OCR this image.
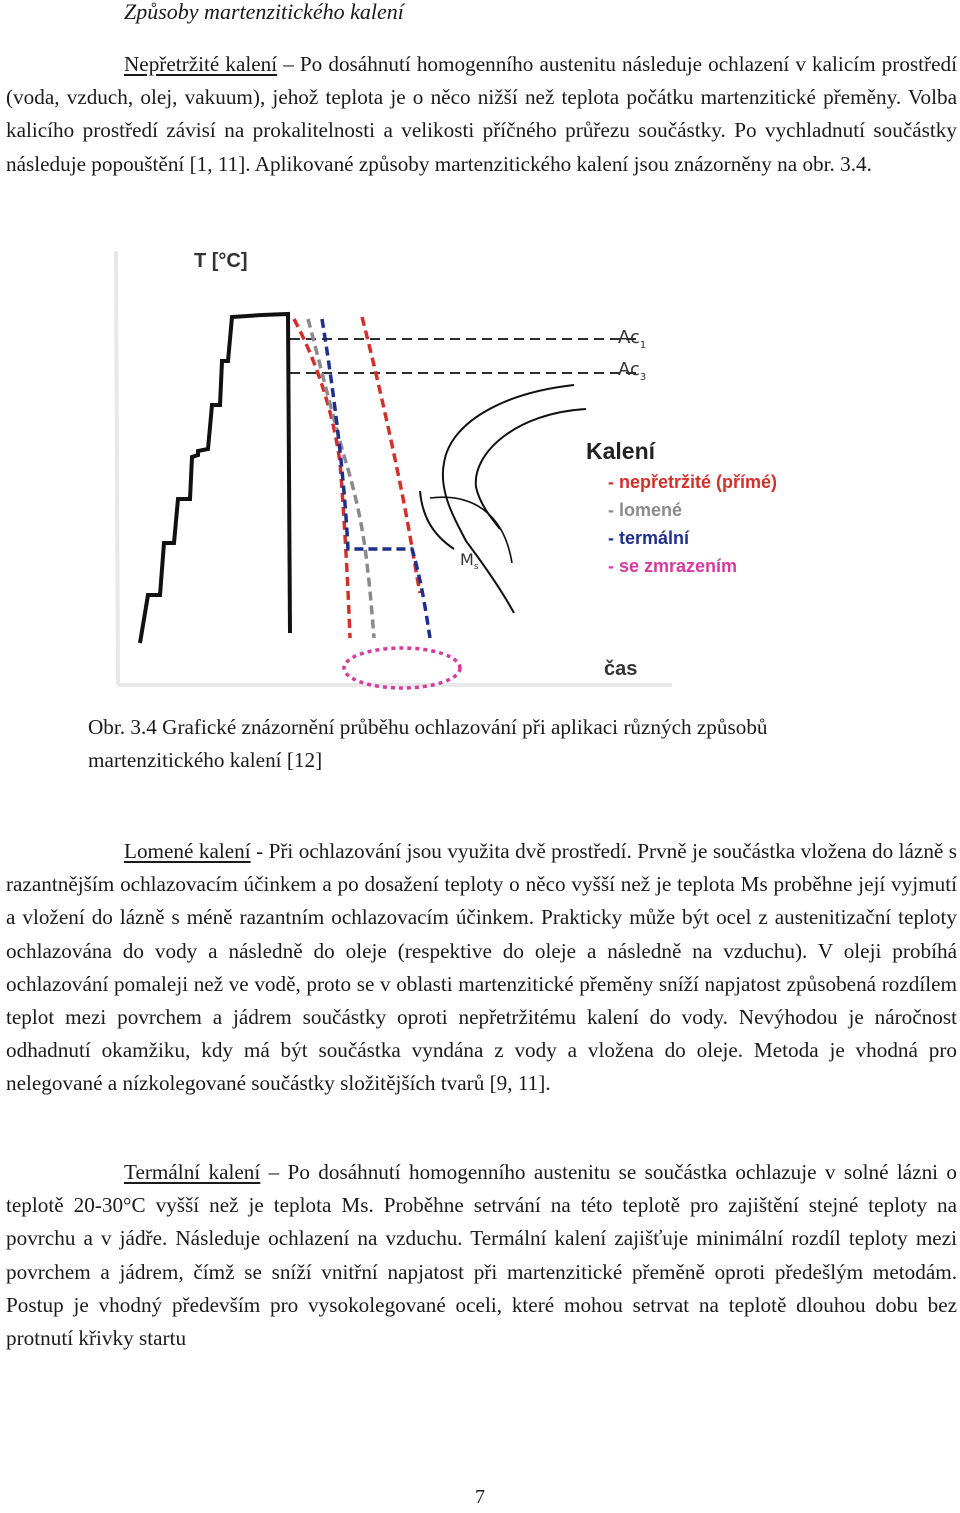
Způsoby martenzitického kalení

Nepřetržité kalení – Po dosáhnutí homogenního austenitu následuje ochlazení v kalicím prostředí (voda, vzduch, olej, vakuum), jehož teplota je o něco nižší než teplota počátku martenzitické přeměny. Volba kalicího prostředí závisí na prokalitelnosti a velikosti příčného průřezu součástky. Po vychladnutí součástky následuje popouštění [1, 11]. Aplikované způsoby martenzitického kalení jsou znázorněny na obr. 3.4.

T [°C]
čas
$Ac_1$
$Ac_3$
$M_s$
Kalení
- nepřetržité (přímé)
- lomené
- termální
- se zmrazením
Obr. 3.4 Grafické znázornění průběhu ochlazování při aplikaci různých způsobů martenzitického kalení [12]

Lomené kalení - Při ochlazování jsou využita dvě prostředí. Prvně je součástka vložena do lázně s razantnějším ochlazovacím účinkem a po dosažení teploty o něco vyšší než je teplota Ms proběhne její vyjmutí a vložení do lázně s méně razantním ochlazovacím účinkem. Prakticky může být ocel z austenitizační teploty ochlazována do vody a následně do oleje (respektive do oleje a následně na vzduchu). V oleji probíhá ochlazování pomaleji než ve vodě, proto se v oblasti martenzitické přeměny sníží napjatost způsobená rozdílem teplot mezi povrchem a jádrem součástky oproti nepřetržitému kalení do vody. Nevýhodou je náročnost odhadnutí okamžiku, kdy má být součástka vyndána z vody a vložena do oleje. Metoda je vhodná pro nelegované a nízkolegované součástky složitějších tvarů [9, 11].

Termální kalení – Po dosáhnutí homogenního austenitu se součástka ochlazuje v solné lázni o teplotě 20-30°C vyšší než je teplota Ms. Proběhne setrvání na této teplotě pro zajištění stejné teploty na povrchu a v jádře. Následuje ochlazení na vzduchu. Termální kalení zajišťuje minimální rozdíl teploty mezi povrchem a jádrem, čímž se sníží vnitřní napjatost při martenzitické přeměně oproti předešlým metodám. Postup je vhodný především pro vysokolegované oceli, které mohou setrvat na teplotě dlouhou dobu bez protnutí křivky startu

7
